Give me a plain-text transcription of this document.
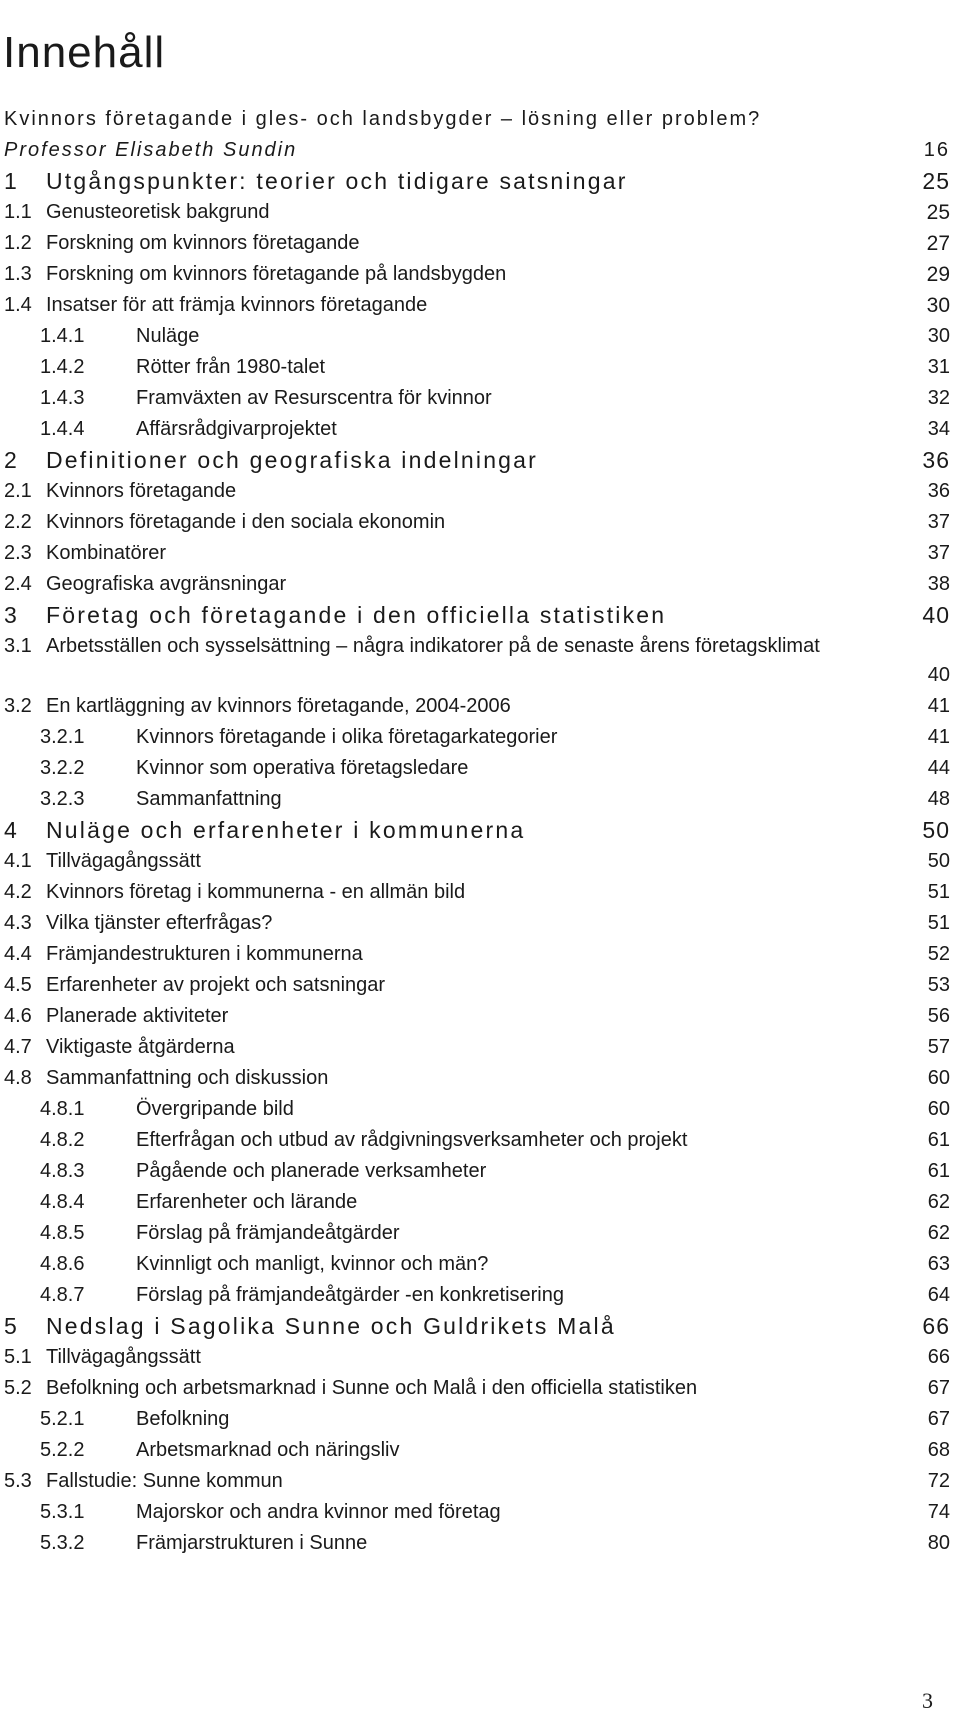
Innehåll
Kvinnors företagande i gles- och landsbygder – lösning eller problem?
Professor Elisabeth Sundin	16
1 Utgångspunkter: teorier och tidigare satsningar	25
1.1 Genusteoretisk bakgrund	25
1.2 Forskning om kvinnors företagande	27
1.3 Forskning om kvinnors företagande på landsbygden	29
1.4 Insatser för att främja kvinnors företagande	30
1.4.1	Nuläge	30
1.4.2	Rötter från 1980-talet	31
1.4.3	Framväxten av Resurscentra för kvinnor	32
1.4.4	Affärsrådgivarprojektet	34
2 Definitioner och geografiska indelningar	36
2.1 Kvinnors företagande	36
2.2 Kvinnors företagande i den sociala ekonomin	37
2.3 Kombinatörer	37
2.4 Geografiska avgränsningar	38
3 Företag och företagande i den officiella statistiken	40
3.1 Arbetsställen och sysselsättning – några indikatorer på de senaste årens företagsklimat
40
3.2 En kartläggning av kvinnors företagande, 2004-2006	41
3.2.1	Kvinnors företagande i olika företagarkategorier	41
3.2.2	Kvinnor som operativa företagsledare	44
3.2.3	Sammanfattning	48
4 Nuläge och erfarenheter i kommunerna	50
4.1 Tillvägagångssätt	50
4.2 Kvinnors företag i kommunerna - en allmän bild	51
4.3 Vilka tjänster efterfrågas?	51
4.4 Främjandestrukturen i kommunerna	52
4.5 Erfarenheter av projekt och satsningar	53
4.6 Planerade aktiviteter	56
4.7 Viktigaste åtgärderna	57
4.8 Sammanfattning och diskussion	60
4.8.1	Övergripande bild	60
4.8.2	Efterfrågan och utbud av rådgivningsverksamheter och projekt	61
4.8.3	Pågående och planerade verksamheter	61
4.8.4	Erfarenheter och lärande	62
4.8.5	Förslag på främjandeåtgärder	62
4.8.6	Kvinnligt och manligt, kvinnor och män?	63
4.8.7	Förslag på främjandeåtgärder -en konkretisering	64
5 Nedslag i Sagolika Sunne och Guldrikets Malå	66
5.1 Tillvägagångssätt	66
5.2 Befolkning och arbetsmarknad i Sunne och Malå i den officiella statistiken	67
5.2.1	Befolkning	67
5.2.2	Arbetsmarknad och näringsliv	68
5.3 Fallstudie: Sunne kommun	72
5.3.1	Majorskor och andra kvinnor med företag	74
5.3.2	Främjarstrukturen i Sunne	80
3
